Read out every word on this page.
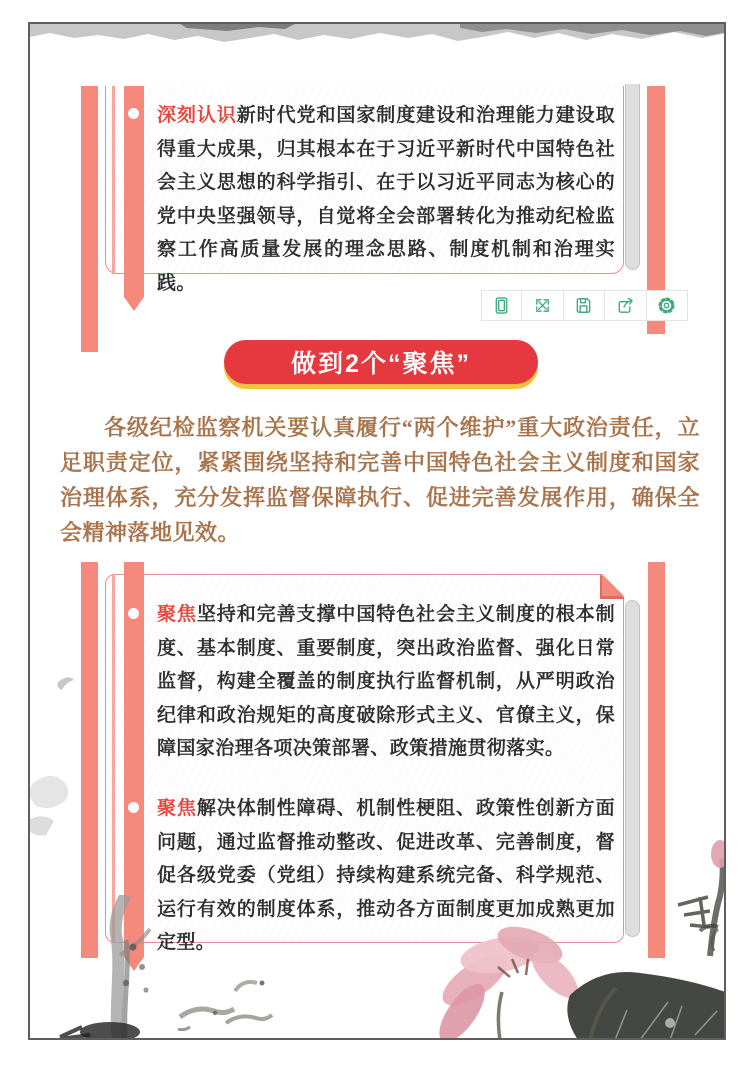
深刻认识新时代党和国家制度建设和治理能力建设取得重大成果，归其根本在于习近平新时代中国特色社会主义思想的科学指引、在于以习近平同志为核心的党中央坚强领导，自觉将全会部署转化为推动纪检监察工作高质量发展的理念思路、制度机制和治理实践。
做到2个“聚焦”
各级纪检监察机关要认真履行“两个维护”重大政治责任，立足职责定位，紧紧围绕坚持和完善中国特色社会主义制度和国家治理体系，充分发挥监督保障执行、促进完善发展作用，确保全会精神落地见效。
聚焦坚持和完善支撑中国特色社会主义制度的根本制度、基本制度、重要制度，突出政治监督、强化日常监督，构建全覆盖的制度执行监督机制，从严明政治纪律和政治规矩的高度破除形式主义、官僚主义，保障国家治理各项决策部署、政策措施贯彻落实。
聚焦解决体制性障碍、机制性梗阻、政策性创新方面问题，通过监督推动整改、促进改革、完善制度，督促各级党委（党组）持续构建系统完备、科学规范、运行有效的制度体系，推动各方面制度更加成熟更加定型。
